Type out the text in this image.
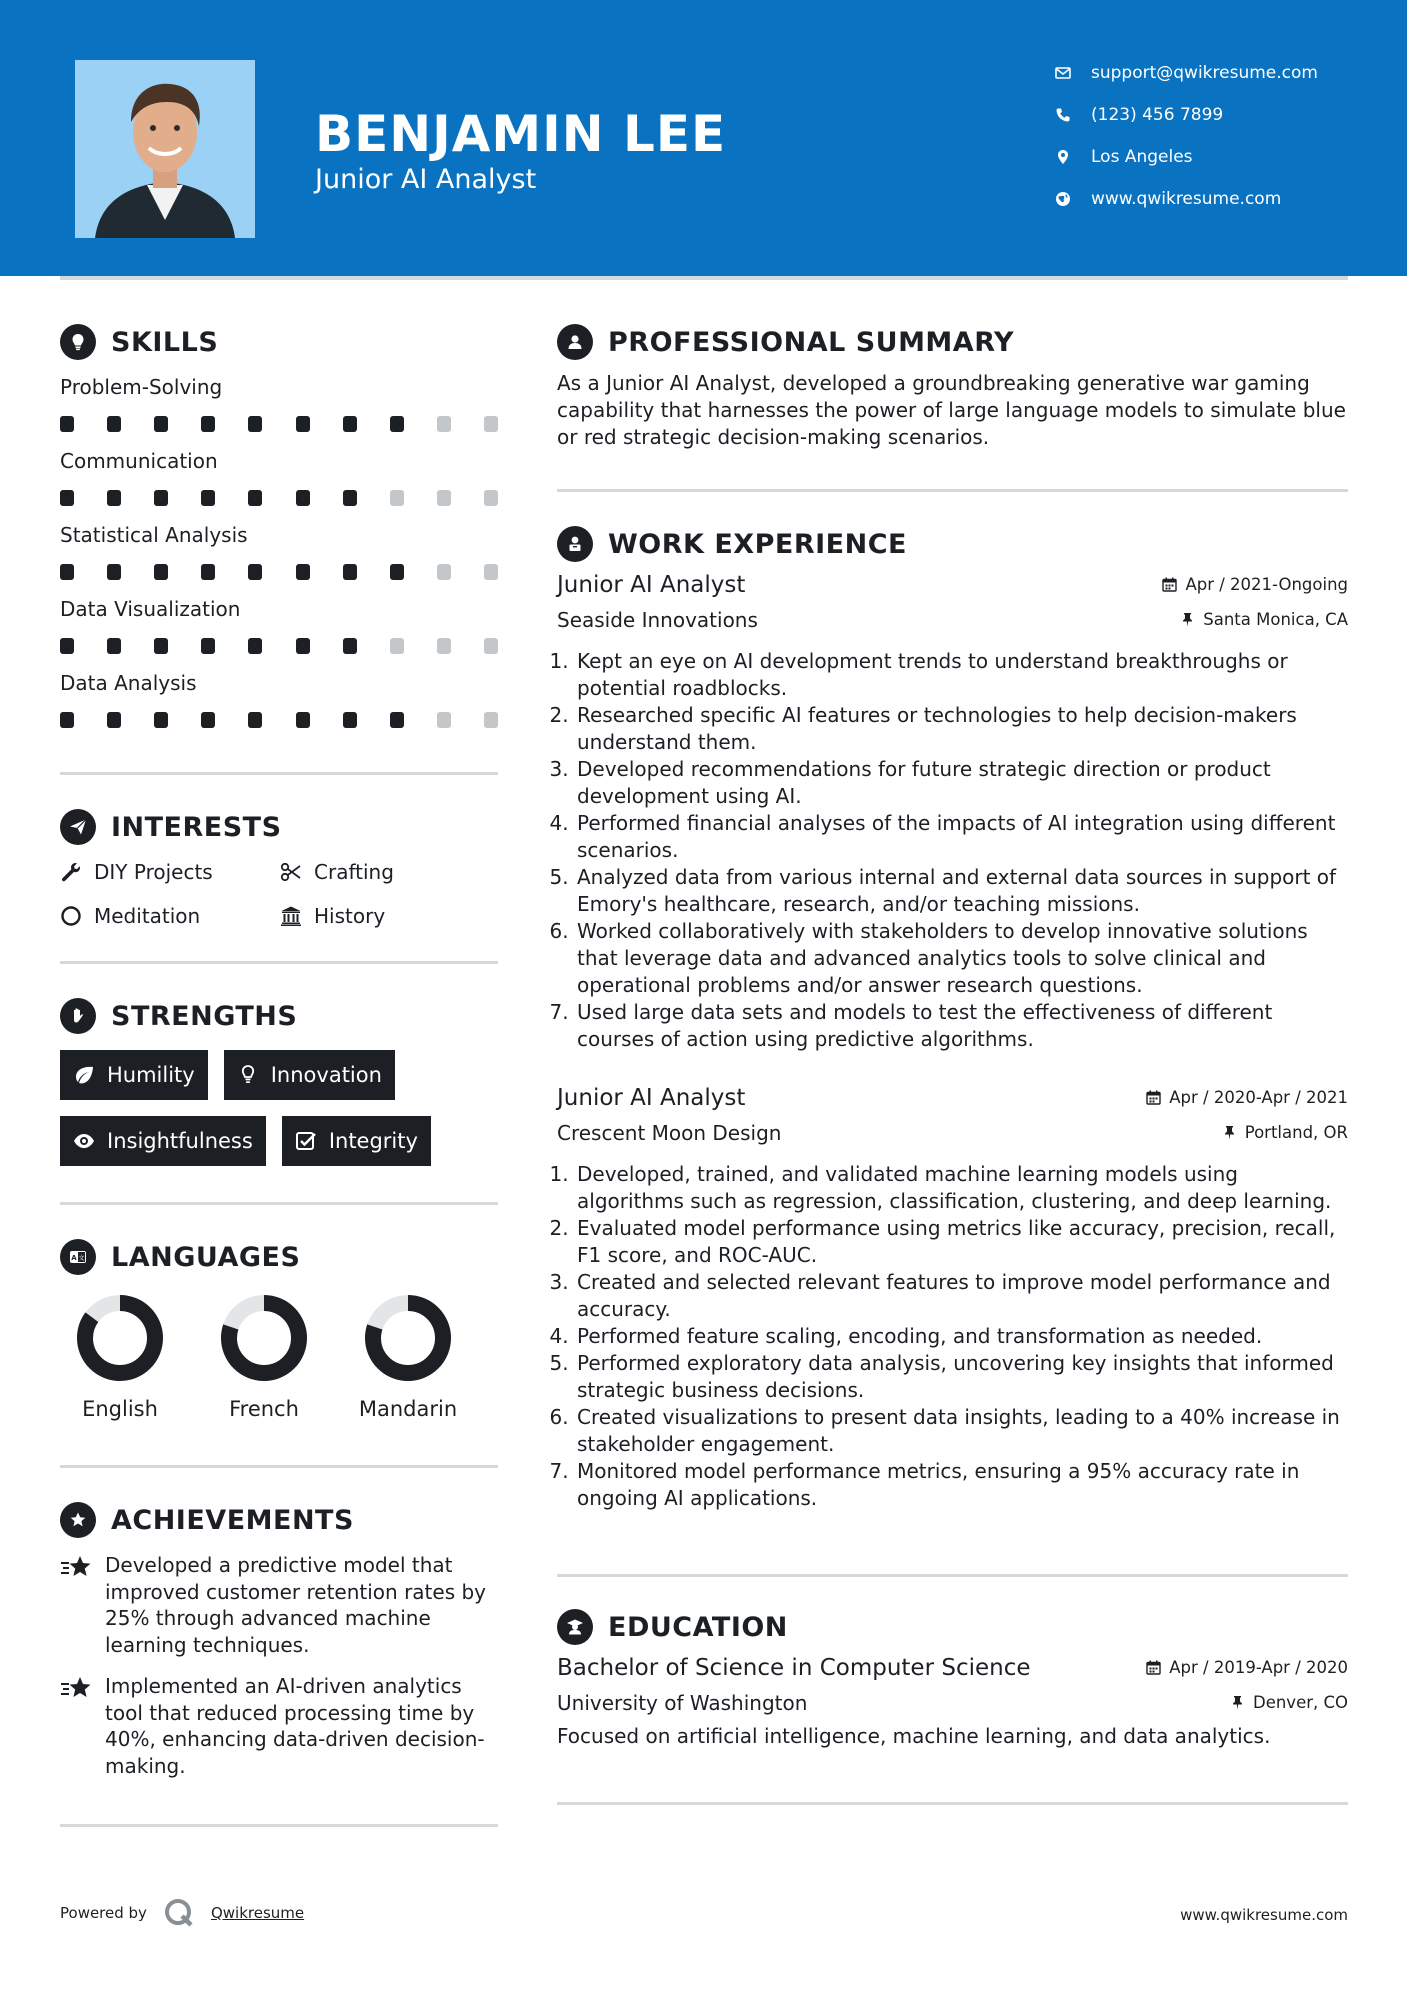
BENJAMIN LEE
Junior AI Analyst
support@qwikresume.com
(123) 456 7899
Los Angeles
www.qwikresume.com
SKILLS
Problem-Solving
Communication
Statistical Analysis
Data Visualization
Data Analysis
INTERESTS
DIY Projects	Crafting
Meditation	History
STRENGTHS
Humility	Innovation
Insightfulness	Integrity
A 文 LANGUAGES
English	French	Mandarin
ACHIEVEMENTS
Developed a predictive model that improved customer retention rates by 25% through advanced machine learning techniques.
Implemented an AI-driven analytics tool that reduced processing time by 40%, enhancing data-driven decision-making.
PROFESSIONAL SUMMARY

As a Junior AI Analyst, developed a groundbreaking generative war gaming capability that harnesses the power of large language models to simulate blue or red strategic decision-making scenarios.

WORK EXPERIENCE
Junior AI Analyst	Apr / 2021-Ongoing
Seaside Innovations	Santa Monica, CA
1. Kept an eye on AI development trends to understand breakthroughs or potential roadblocks.
2. Researched specific AI features or technologies to help decision-makers understand them.
3. Developed recommendations for future strategic direction or product development using AI.
4. Performed financial analyses of the impacts of AI integration using different scenarios.
5. Analyzed data from various internal and external data sources in support of Emory's healthcare, research, and/or teaching missions.
6. Worked collaboratively with stakeholders to develop innovative solutions that leverage data and advanced analytics tools to solve clinical and operational problems and/or answer research questions.
7. Used large data sets and models to test the effectiveness of different courses of action using predictive algorithms.
Junior AI Analyst	Apr / 2020-Apr / 2021
Crescent Moon Design	Portland, OR
1. Developed, trained, and validated machine learning models using algorithms such as regression, classification, clustering, and deep learning.
2. Evaluated model performance using metrics like accuracy, precision, recall, F1 score, and ROC-AUC.
3. Created and selected relevant features to improve model performance and accuracy.
4. Performed feature scaling, encoding, and transformation as needed.
5. Performed exploratory data analysis, uncovering key insights that informed strategic business decisions.
6. Created visualizations to present data insights, leading to a 40% increase in stakeholder engagement.
7. Monitored model performance metrics, ensuring a 95% accuracy rate in ongoing AI applications.
EDUCATION
Bachelor of Science in Computer Science	Apr / 2019-Apr / 2020
University of Washington	Denver, CO

Focused on artificial intelligence, machine learning, and data analytics.

Powered by	Qwikresume	www.qwikresume.com
